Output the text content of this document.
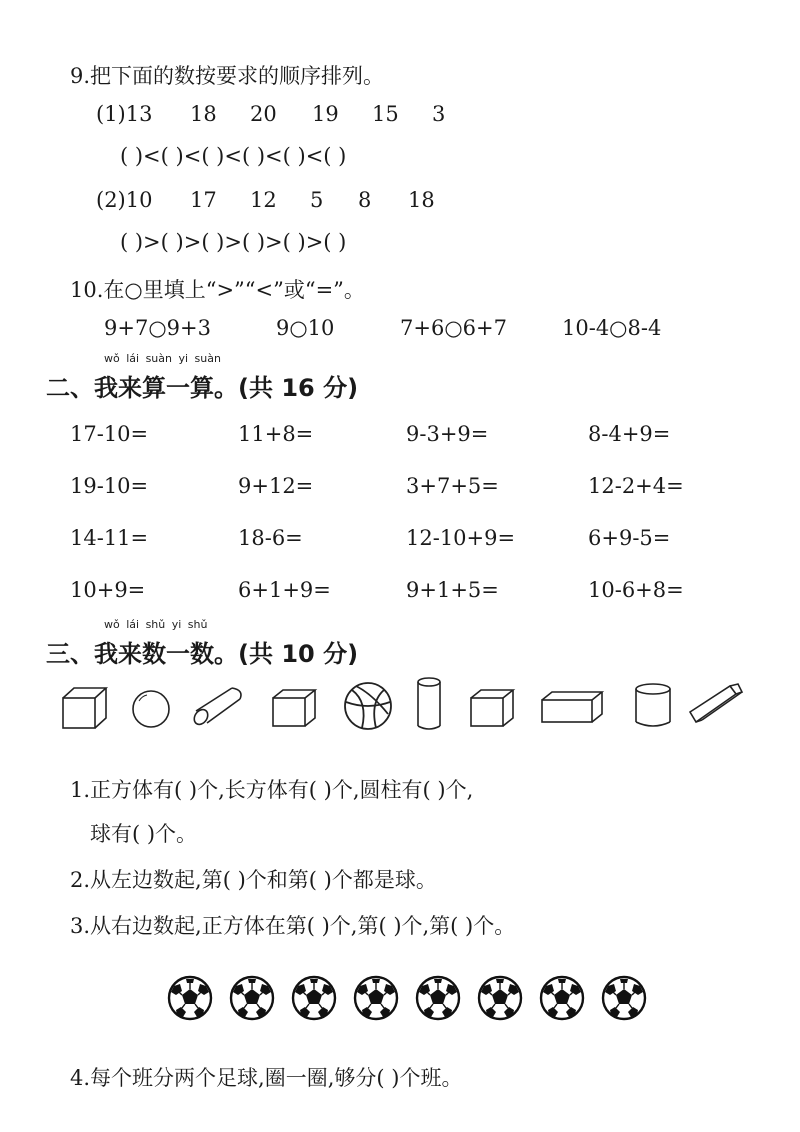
9.把下面的数按要求的顺序排列。
(1)13 18 20 19 15 3
( )<( )<( )<( )<( )<( )
(2)10 17 12 5 8 18
( )>( )>( )>( )>( )>( )
10.在○里填上“>”“<”或“=”。
9+7○9+3	9○10	7+6○6+7	10-4○8-4
wǒ lái suàn yi suàn
二、我来算一算。(共 16 分)
17-10=	11+8=	9-3+9=	8-4+9=
19-10=	9+12=	3+7+5=	12-2+4=
14-11=	18-6=	12-10+9=	6+9-5=
10+9=	6+1+9=	9+1+5=	10-6+8=
wǒ lái shǔ yi shǔ
三、我来数一数。(共 10 分)
1.正方体有( )个,长方体有( )个,圆柱有( )个,
球有( )个。
2.从左边数起,第( )个和第( )个都是球。
3.从右边数起,正方体在第( )个,第( )个,第( )个。
4.每个班分两个足球,圈一圈,够分( )个班。
